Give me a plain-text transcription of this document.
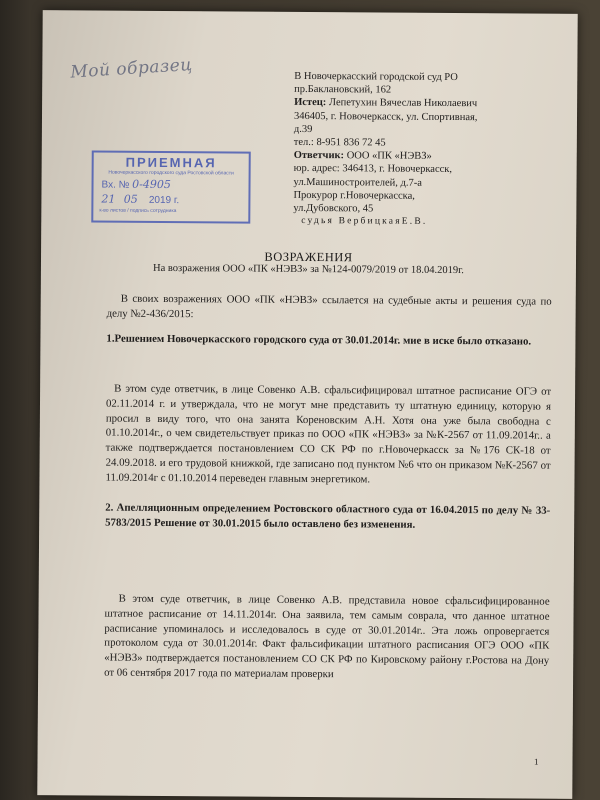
Мой образец
ПРИЕМНАЯ
Новочеркасского городского суда Ростовской области
Вх. № 0-4905
21 05 2019 г.
к-во листов / подпись сотрудника
В Новочеркасский городской суд РО
пр.Баклановский, 162
Истец: Лепетухин Вячеслав Николаевич
346405, г. Новочеркасск, ул. Спортивная,
д.39
тел.: 8-951 836 72 45
Ответчик: ООО «ПК «НЭВЗ»
юр. адрес: 346413, г. Новочеркасск,
ул.Машиностроителей, д.7-а
Прокурор г.Новочеркасска,
ул.Дубовского, 45
судья ВербицкаяЕ.В.
ВОЗРАЖЕНИЯ
На возражения ООО «ПК «НЭВЗ» за №124-0079/2019 от 18.04.2019г.
В своих возражениях ООО «ПК «НЭВЗ» ссылается на судебные акты и решения суда по делу №2-436/2015:
1.Решением Новочеркасского городского суда от 30.01.2014г. мие в иске было отказано.
В этом суде ответчик, в лице Совенко А.В. сфальсифицировал штатное расписание ОГЭ от 02.11.2014 г. и утверждала, что не могут мне представить ту штатную единицу, которую я просил в виду того, что она занята Кореновским А.Н. Хотя она уже была свободна с 01.10.2014г., о чем свидетельствует приказ по ООО «ПК «НЭВЗ» за №К-2567 от 11.09.2014г.. а также подтверждается постановлением СО СК РФ по г.Новочеркасск за №176 СК-18 от 24.09.2018. и его трудовой книжкой, где записано под пунктом №6 что он приказом №К-2567 от 11.09.2014г с 01.10.2014 переведен главным энергетиком.
2. Апелляционным определением Ростовского областного суда от 16.04.2015 по делу № 33-5783/2015 Решение от 30.01.2015 было оставлено без изменения.
В этом суде ответчик, в лице Совенко А.В. представила новое сфальсифицированное штатное расписание от 14.11.2014г. Она заявила, тем самым соврала, что данное штатное расписание упоминалось и исследовалось в суде от 30.01.2014г.. Эта ложь опровергается протоколом суда от 30.01.2014г. Факт фальсификации штатного расписания ОГЭ ООО «ПК «НЭВЗ» подтверждается постановлением СО СК РФ по Кировскому району г.Ростова на Дону от 06 сентября 2017 года по материалам проверки
1
